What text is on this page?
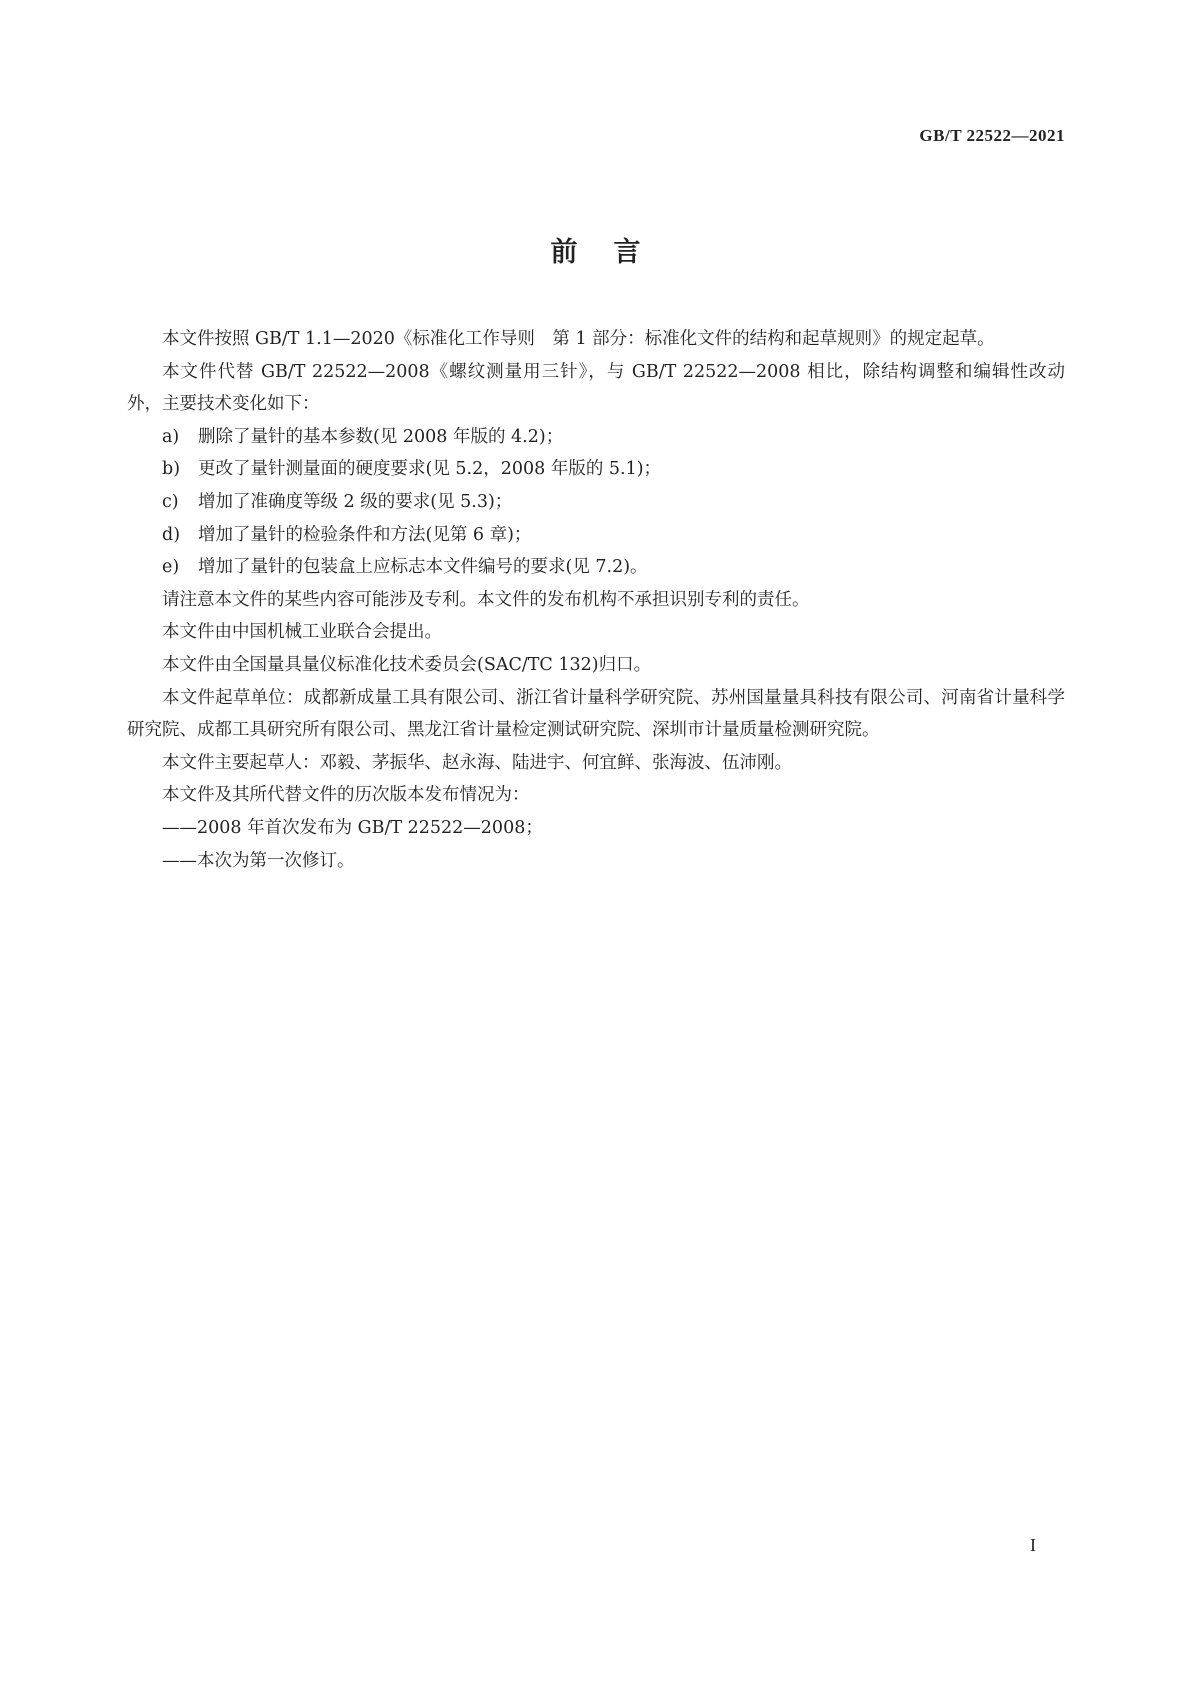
GB/T 22522—2021
前言

本文件按照 GB/T 1.1—2020《标准化工作导则　第 1 部分：标准化文件的结构和起草规则》的规定起草。

本文件代替 GB/T 22522—2008《螺纹测量用三针》，与 GB/T 22522—2008 相比，除结构调整和编辑性改动外，主要技术变化如下：

a) 删除了量针的基本参数(见 2008 年版的 4.2)；

b) 更改了量针测量面的硬度要求(见 5.2，2008 年版的 5.1)；

c) 增加了准确度等级 2 级的要求(见 5.3)；

d) 增加了量针的检验条件和方法(见第 6 章)；

e) 增加了量针的包装盒上应标志本文件编号的要求(见 7.2)。

请注意本文件的某些内容可能涉及专利。本文件的发布机构不承担识别专利的责任。

本文件由中国机械工业联合会提出。

本文件由全国量具量仪标准化技术委员会(SAC/TC 132)归口。

本文件起草单位：成都新成量工具有限公司、浙江省计量科学研究院、苏州国量量具科技有限公司、河南省计量科学研究院、成都工具研究所有限公司、黑龙江省计量检定测试研究院、深圳市计量质量检测研究院。

本文件主要起草人：邓毅、茅振华、赵永海、陆进宇、何宜鲜、张海波、伍沛刚。

本文件及其所代替文件的历次版本发布情况为：

——2008 年首次发布为 GB/T 22522—2008；

——本次为第一次修订。

I
